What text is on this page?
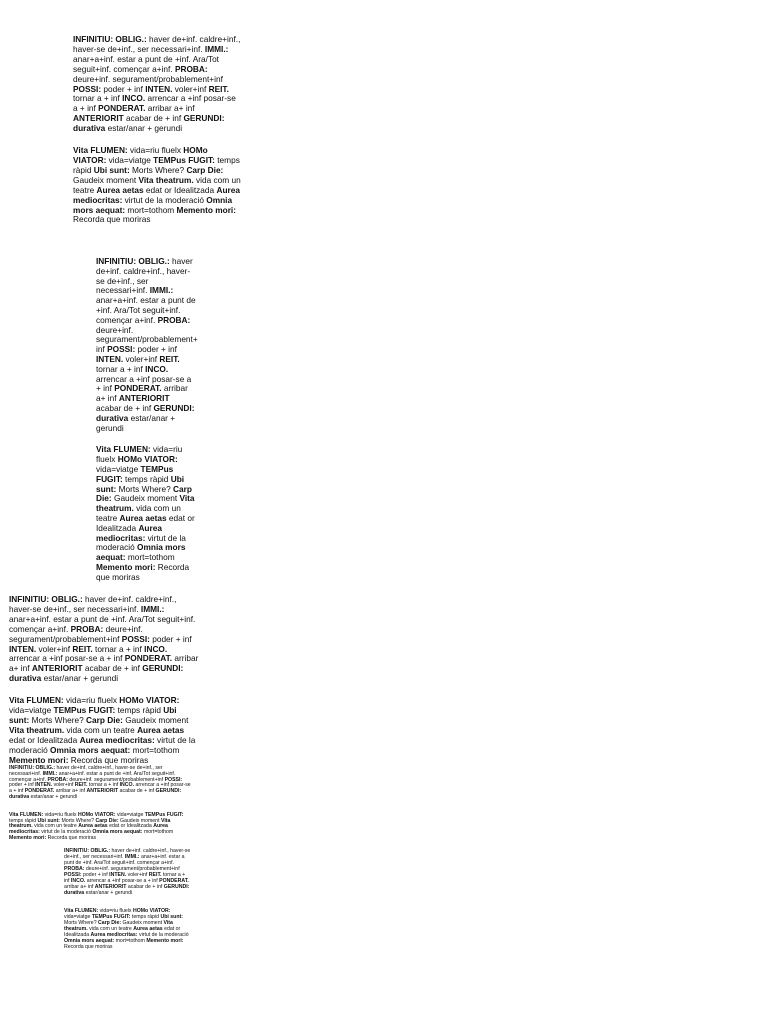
INFINITIU: OBLIG.: haver de+inf. caldre+inf., haver-se de+inf., ser necessari+inf. IMMI.: anar+a+inf. estar a punt de +inf. Ara/Tot seguit+inf. començar a+inf. PROBA: deure+inf. segurament/probablement+inf POSSI: poder + inf INTEN. voler+inf REIT. tornar a + inf INCO. arrencar a +inf posar-se a + inf PONDERAT. arribar a+ inf ANTERIORIT acabar de + inf GERUNDI: durativa estar/anar + gerundi

Vita FLUMEN: vida=riu fluelx HOMo VIATOR: vida=viatge TEMPus FUGIT: temps ràpid Ubi sunt: Morts Where? Carp Die: Gaudeix moment Vita theatrum. vida com un teatre Aurea aetas edat or Idealitzada Aurea mediocritas: virtut de la moderació Omnia mors aequat: mort=tothom Memento mori: Recorda que moriras

INFINITIU: OBLIG.: haver de+inf. caldre+inf., haver-se de+inf., ser necessari+inf. IMMI.: anar+a+inf. estar a punt de +inf. Ara/Tot seguit+inf. començar a+inf. PROBA: deure+inf. segurament/probablement+ inf POSSI: poder + inf INTEN. voler+inf REIT. tornar a + inf INCO. arrencar a +inf posar-se a + inf PONDERAT. arribar a+ inf ANTERIORIT acabar de + inf GERUNDI: durativa estar/anar + gerundi

Vita FLUMEN: vida=riu fluelx HOMo VIATOR: vida=viatge TEMPus FUGIT: temps ràpid Ubi sunt: Morts Where? Carp Die: Gaudeix moment Vita theatrum. vida com un teatre Aurea aetas edat or Idealitzada Aurea mediocritas: virtut de la moderació Omnia mors aequat: mort=tothom Memento mori: Recorda que moriras

INFINITIU: OBLIG.: haver de+inf. caldre+inf., haver-se de+inf., ser necessari+inf. IMMI.: anar+a+inf. estar a punt de +inf. Ara/Tot seguit+inf. començar a+inf. PROBA: deure+inf. segurament/probablement+inf POSSI: poder + inf INTEN. voler+inf REIT. tornar a + inf INCO. arrencar a +inf posar-se a + inf PONDERAT. arribar a+ inf ANTERIORIT acabar de + inf GERUNDI: durativa estar/anar + gerundi

Vita FLUMEN: vida=riu fluelx HOMo VIATOR: vida=viatge TEMPus FUGIT: temps ràpid Ubi sunt: Morts Where? Carp Die: Gaudeix moment Vita theatrum. vida com un teatre Aurea aetas edat or Idealitzada Aurea mediocritas: virtut de la moderació Omnia mors aequat: mort=tothom Memento mori: Recorda que moriras

INFINITIU: OBLIG.: haver de+inf. caldre+inf., haver-se de+inf., ser necessari+inf. IMMI.: anar+a+inf. estar a punt de +inf. Ara/Tot seguit+inf. començar a+inf. PROBA: deure+inf. segurament/probablement+inf POSSI: poder + inf INTEN. voler+inf REIT. tornar a + inf INCO. arrencar a +inf posar-se a + inf PONDERAT. arribar a+ inf ANTERIORIT acabar de + inf GERUNDI: durativa estar/anar + gerundi

Vita FLUMEN: vida=riu fluelx HOMo VIATOR: vida=viatge TEMPus FUGIT: temps ràpid Ubi sunt: Morts Where? Carp Die: Gaudeix moment Vita theatrum. vida com un teatre Aurea aetas edat or Idealitzada Aurea mediocritas: virtut de la moderació Omnia mors aequat: mort=tothom Memento mori: Recorda que moriras

INFINITIU: OBLIG.: haver de+inf. caldre+inf., haver-se de+inf., ser necessari+inf. IMMI.: anar+a+inf. estar a punt de +inf. Ara/Tot seguit+inf. començar a+inf. PROBA: deure+inf. segurament/probablement+inf POSSI: poder + inf INTEN. voler+inf REIT. tornar a + inf INCO. arrencar a +inf posar-se a + inf PONDERAT. arribar a+ inf ANTERIORIT acabar de + inf GERUNDI: durativa estar/anar + gerundi

Vita FLUMEN: vida=riu fluelx HOMo VIATOR: vida=viatge TEMPus FUGIT: temps ràpid Ubi sunt: Morts Where? Carp Die: Gaudeix moment Vita theatrum. vida com un teatre Aurea aetas edat or Idealitzada Aurea mediocritas: virtut de la moderació Omnia mors aequat: mort=tothom Memento mori: Recorda que moriras
